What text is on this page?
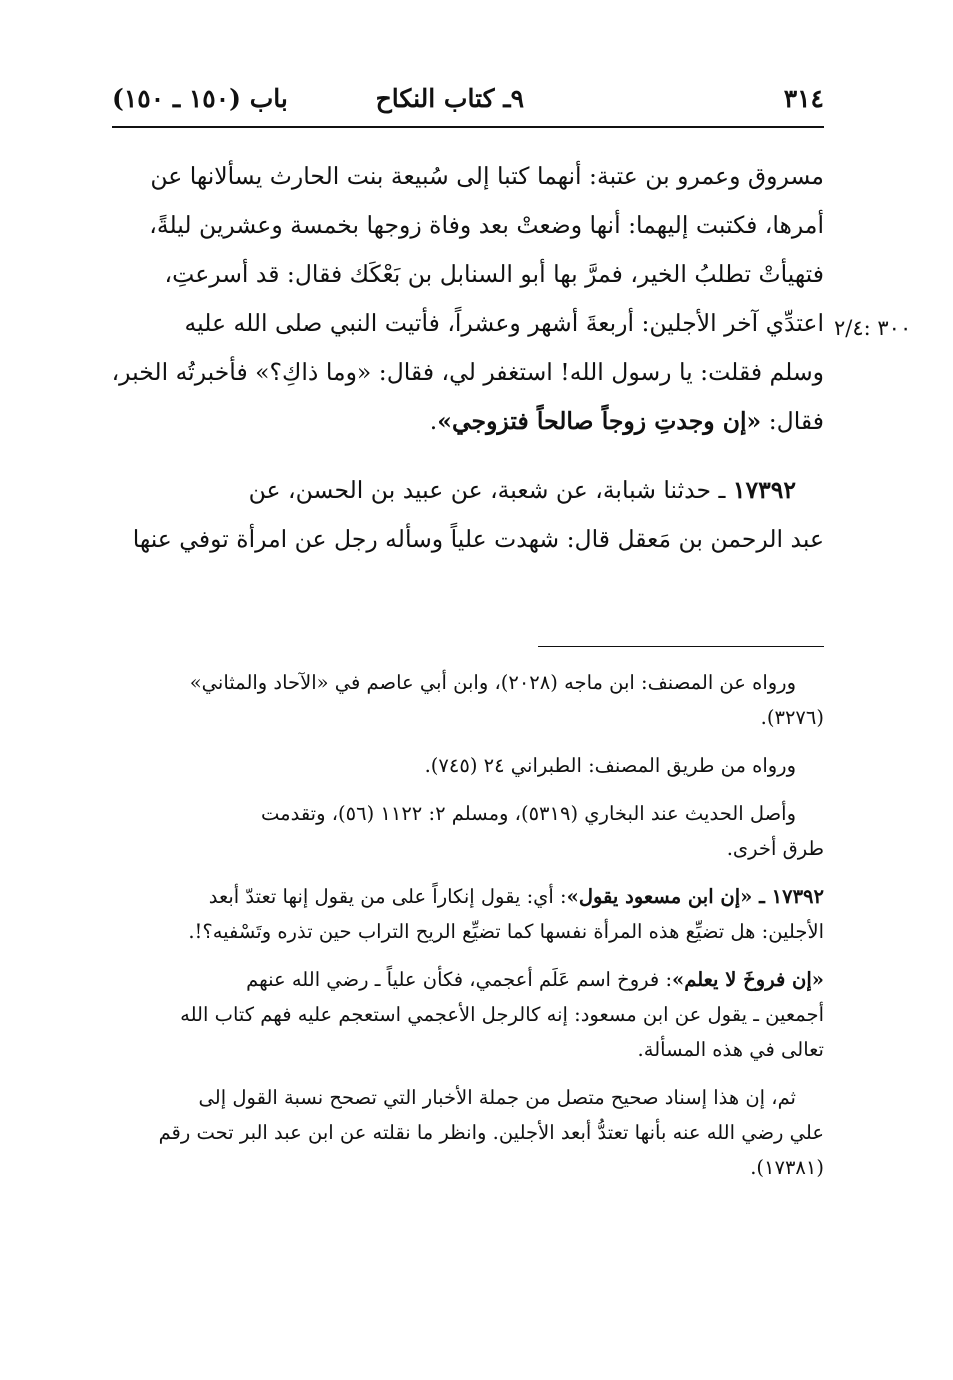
٣١٤
٩ـ كتاب النكاح
باب (١٥٠ ـ ١٥٠)
مسروق وعمرو بن عتبة: أنهما كتبا إلى سُبيعة بنت الحارث يسألانها عن
أمرها، فكتبت إليهما: أنها وضعتْ بعد وفاة زوجها بخمسة وعشرين ليلةً،
فتهيأتْ تطلبُ الخير، فمرَّ بها أبو السنابل بن بَعْكَك فقال: قد أسرعتِ،
اعتدِّي آخر الأجلين: أربعةَ أشهر وعشراً، فأتيت النبي صلى الله عليه
وسلم فقلت: يا رسول الله! استغفر لي، فقال: «وما ذاكِ؟» فأخبرتُه الخبر،
فقال: «إن وجدتِ زوجاً صالحاً فتزوجي».
١٧٣٩٢ ـ حدثنا شبابة، عن شعبة، عن عبيد بن الحسن، عن
عبد الرحمن بن مَعقل قال: شهدت علياً وسأله رجل عن امرأة توفي عنها
٣٠٠ :٢/٤
ورواه عن المصنف: ابن ماجه (٢٠٢٨)، وابن أبي عاصم في «الآحاد والمثاني»
(٣٢٧٦).
ورواه من طريق المصنف: الطبراني ٢٤ (٧٤٥).
وأصل الحديث عند البخاري (٥٣١٩)، ومسلم ٢: ١١٢٢ (٥٦)، وتقدمت
طرق أخرى.
١٧٣٩٢ ـ «إن ابن مسعود يقول»: أي: يقول إنكاراً على من يقول إنها تعتدّ أبعد
الأجلين: هل تضيِّع هذه المرأة نفسها كما تضيِّع الريح التراب حين تذره وتَسْفيه؟!.
«إن فروخَ لا يعلم»: فروخ اسم عَلَم أعجمي، فكأن علياً ـ رضي الله عنهم
أجمعين ـ يقول عن ابن مسعود: إنه كالرجل الأعجمي استعجم عليه فهم كتاب الله
تعالى في هذه المسألة.
ثم، إن هذا إسناد صحيح متصل من جملة الأخبار التي تصحح نسبة القول إلى
علي رضي الله عنه بأنها تعتدُّ أبعد الأجلين. وانظر ما نقلته عن ابن عبد البر تحت رقم
(١٧٣٨١).
